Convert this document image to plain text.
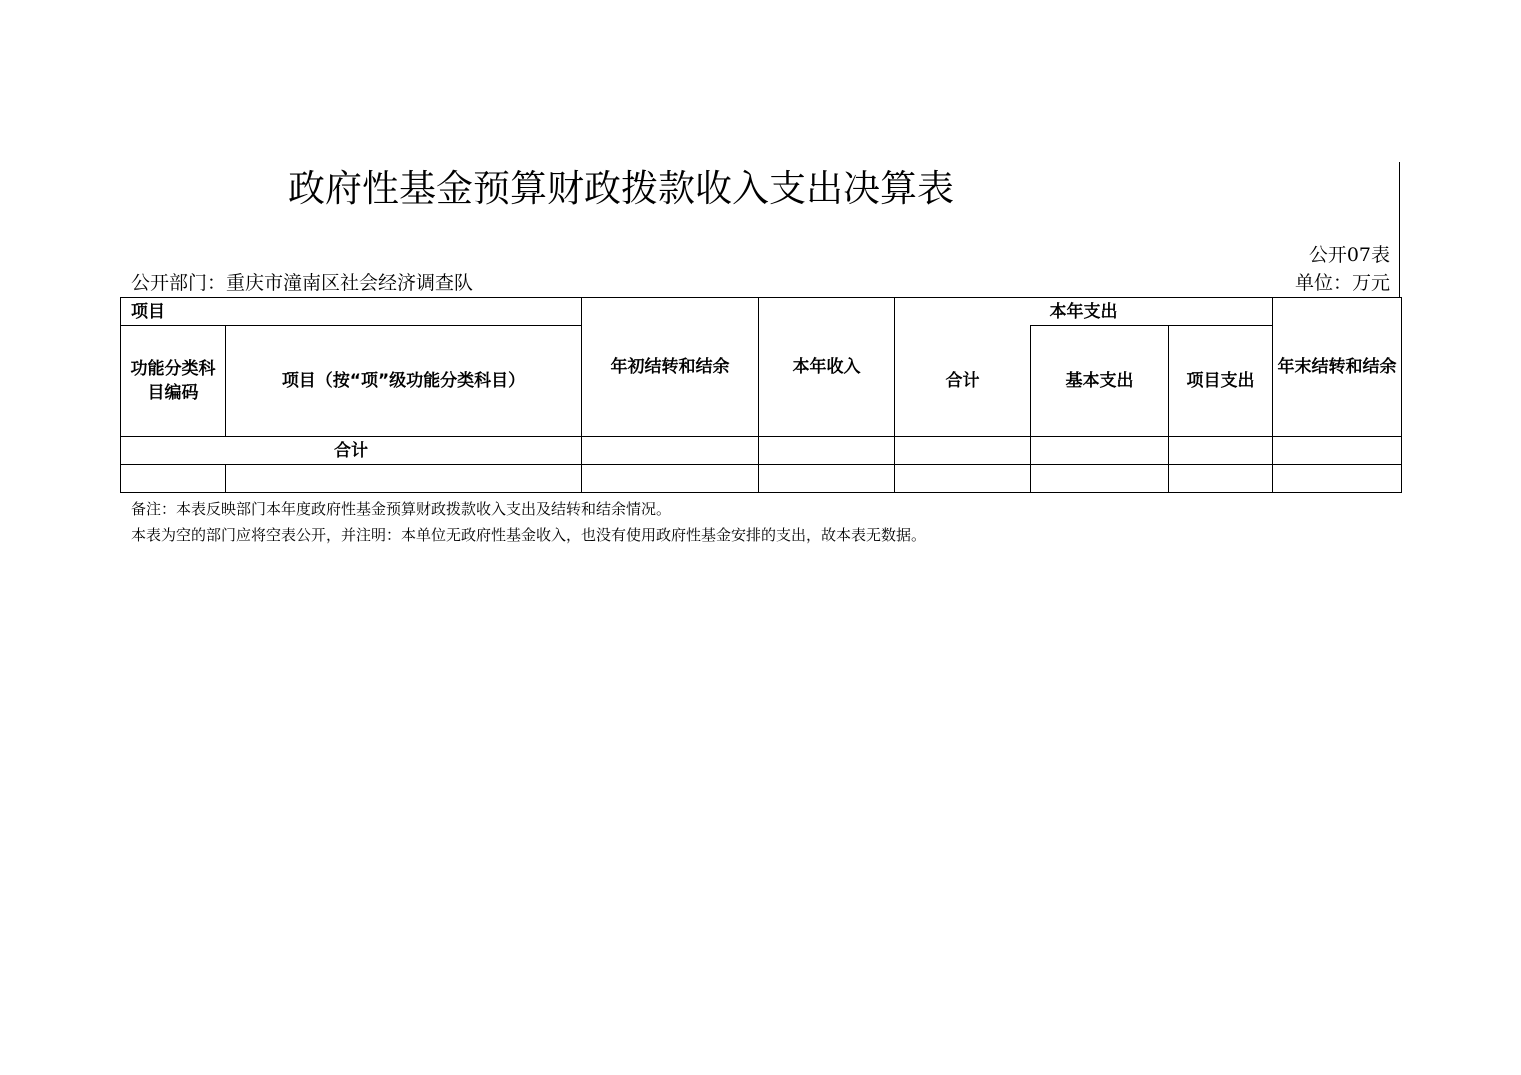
政府性基金预算财政拨款收入支出决算表
公开07表
公开部门：重庆市潼南区社会经济调查队	单位：万元
项目		年初结转和结余	本年收入	本年支出			年末结转和结余
功能分类科目编码	项目（按“项”级功能分类科目）			合计	基本支出	项目支出	
合计							

备注：本表反映部门本年度政府性基金预算财政拨款收入支出及结转和结余情况。
本表为空的部门应将空表公开，并注明：本单位无政府性基金收入，也没有使用政府性基金安排的支出，故本表无数据。
